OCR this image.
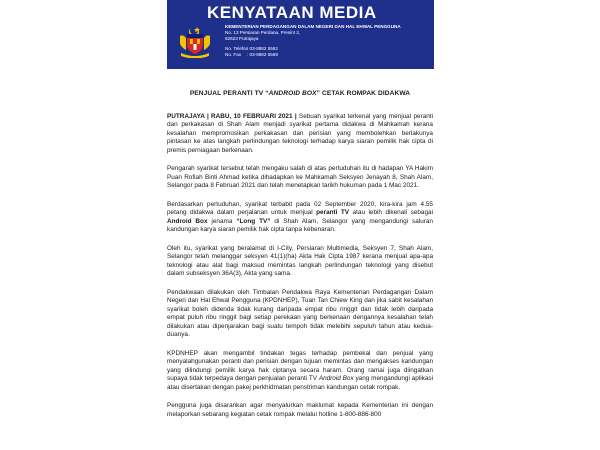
KENYATAAN MEDIA
KEMENTERIAN PERDAGANGAN DALAM NEGERI DAN HAL EHWAL PENGGUNA
No. 13 Persiaran Perdana, Presint 2,
62623 Putrajaya
No. Telefon: 03-8882 5562
No. Fax : 03-8882 5569
PENJUAL PERANTI TV “ANDROID BOX” CETAK ROMPAK DIDAKWA

PUTRAJAYA | RABU, 10 FEBRUARI 2021 | Sebuah syarikat terkenal yang menjual peranti dan perkakasan di Shah Alam menjadi syarikat pertama didakwa di Mahkamah kerana kesalahan mempromosikan perkakasan dan perisian yang membolehkan berlakunya pintasan ke atas langkah perlindungan teknologi terhadap karya siaran pemilik hak cipta di premis perniagaan berkenaan.

Pengarah syarikat tersebut telah mengaku salah di atas pertuduhan itu di hadapan YA Hakim Puan Rofiah Binti Ahmad ketika dihadapkan ke Mahkamah Seksyen Jenayah 8, Shah Alam, Selangor pada 8 Februari 2021 dan telah menetapkan tarikh hukuman pada 1 Mac 2021.

Berdasarkan pertuduhan, syarikat terbabit pada 02 September 2020, kira-kira jam 4.55 petang didakwa dalam perjalanan untuk menjual peranti TV atau lebih dikenali sebagai Android Box jenama “Long TV” di Shah Alam, Selangor yang mengandungi saluran kandungan karya siaran pemilik hak cipta tanpa kebenaran.

Oleh itu, syarikat yang beralamat di I-City, Persiaran Multimedia, Seksyen 7, Shah Alam, Selangor telah melanggar seksyen 41(1)(ha) Akta Hak Cipta 1987 kerana menjual apa-apa teknologi atau alat bagi maksud memintas langkah perlindungan teknologi yang disebut dalam subseksyen 36A(3), Akta yang sama.

Pendakwaan dilakukan oleh Timbalan Pendakwa Raya Kementerian Perdagangan Dalam Negeri dan Hal Ehwal Pengguna (KPDNHEP), Tuan Tan Chiew King dan jika sabit kesalahan syarikat boleh didenda tidak kurang daripada empat ribu ringgit dan tidak lebih daripada empat puluh ribu ringgit bagi setiap perekaan yang berkenaan dengannya kesalahan telah dilakukan atau dipenjarakan bagi suatu tempoh tidak melebihi sepuluh tahun atau kedua-duanya.

KPDNHEP akan mengambil tindakan tegas terhadap pembekal dan penjual yang menyalahgunakan peranti dan perisian dengan tujuan memintas dan mengakses kandungan yang dilindungi pemilik karya hak ciptanya secara haram. Orang ramai juga diingatkan supaya tidak terpedaya dengan penjualan peranti TV Android Box yang mengandungi aplikasi atau disertakan dengan pakej perkhidmatan penstriman kandungan cetak rompak.

Pengguna juga disarankan agar menyalurkan maklumat kepada Kementerian ini dengan melaporkan sebarang kegiatan cetak rompak melalui hotline 1-800-886-800
